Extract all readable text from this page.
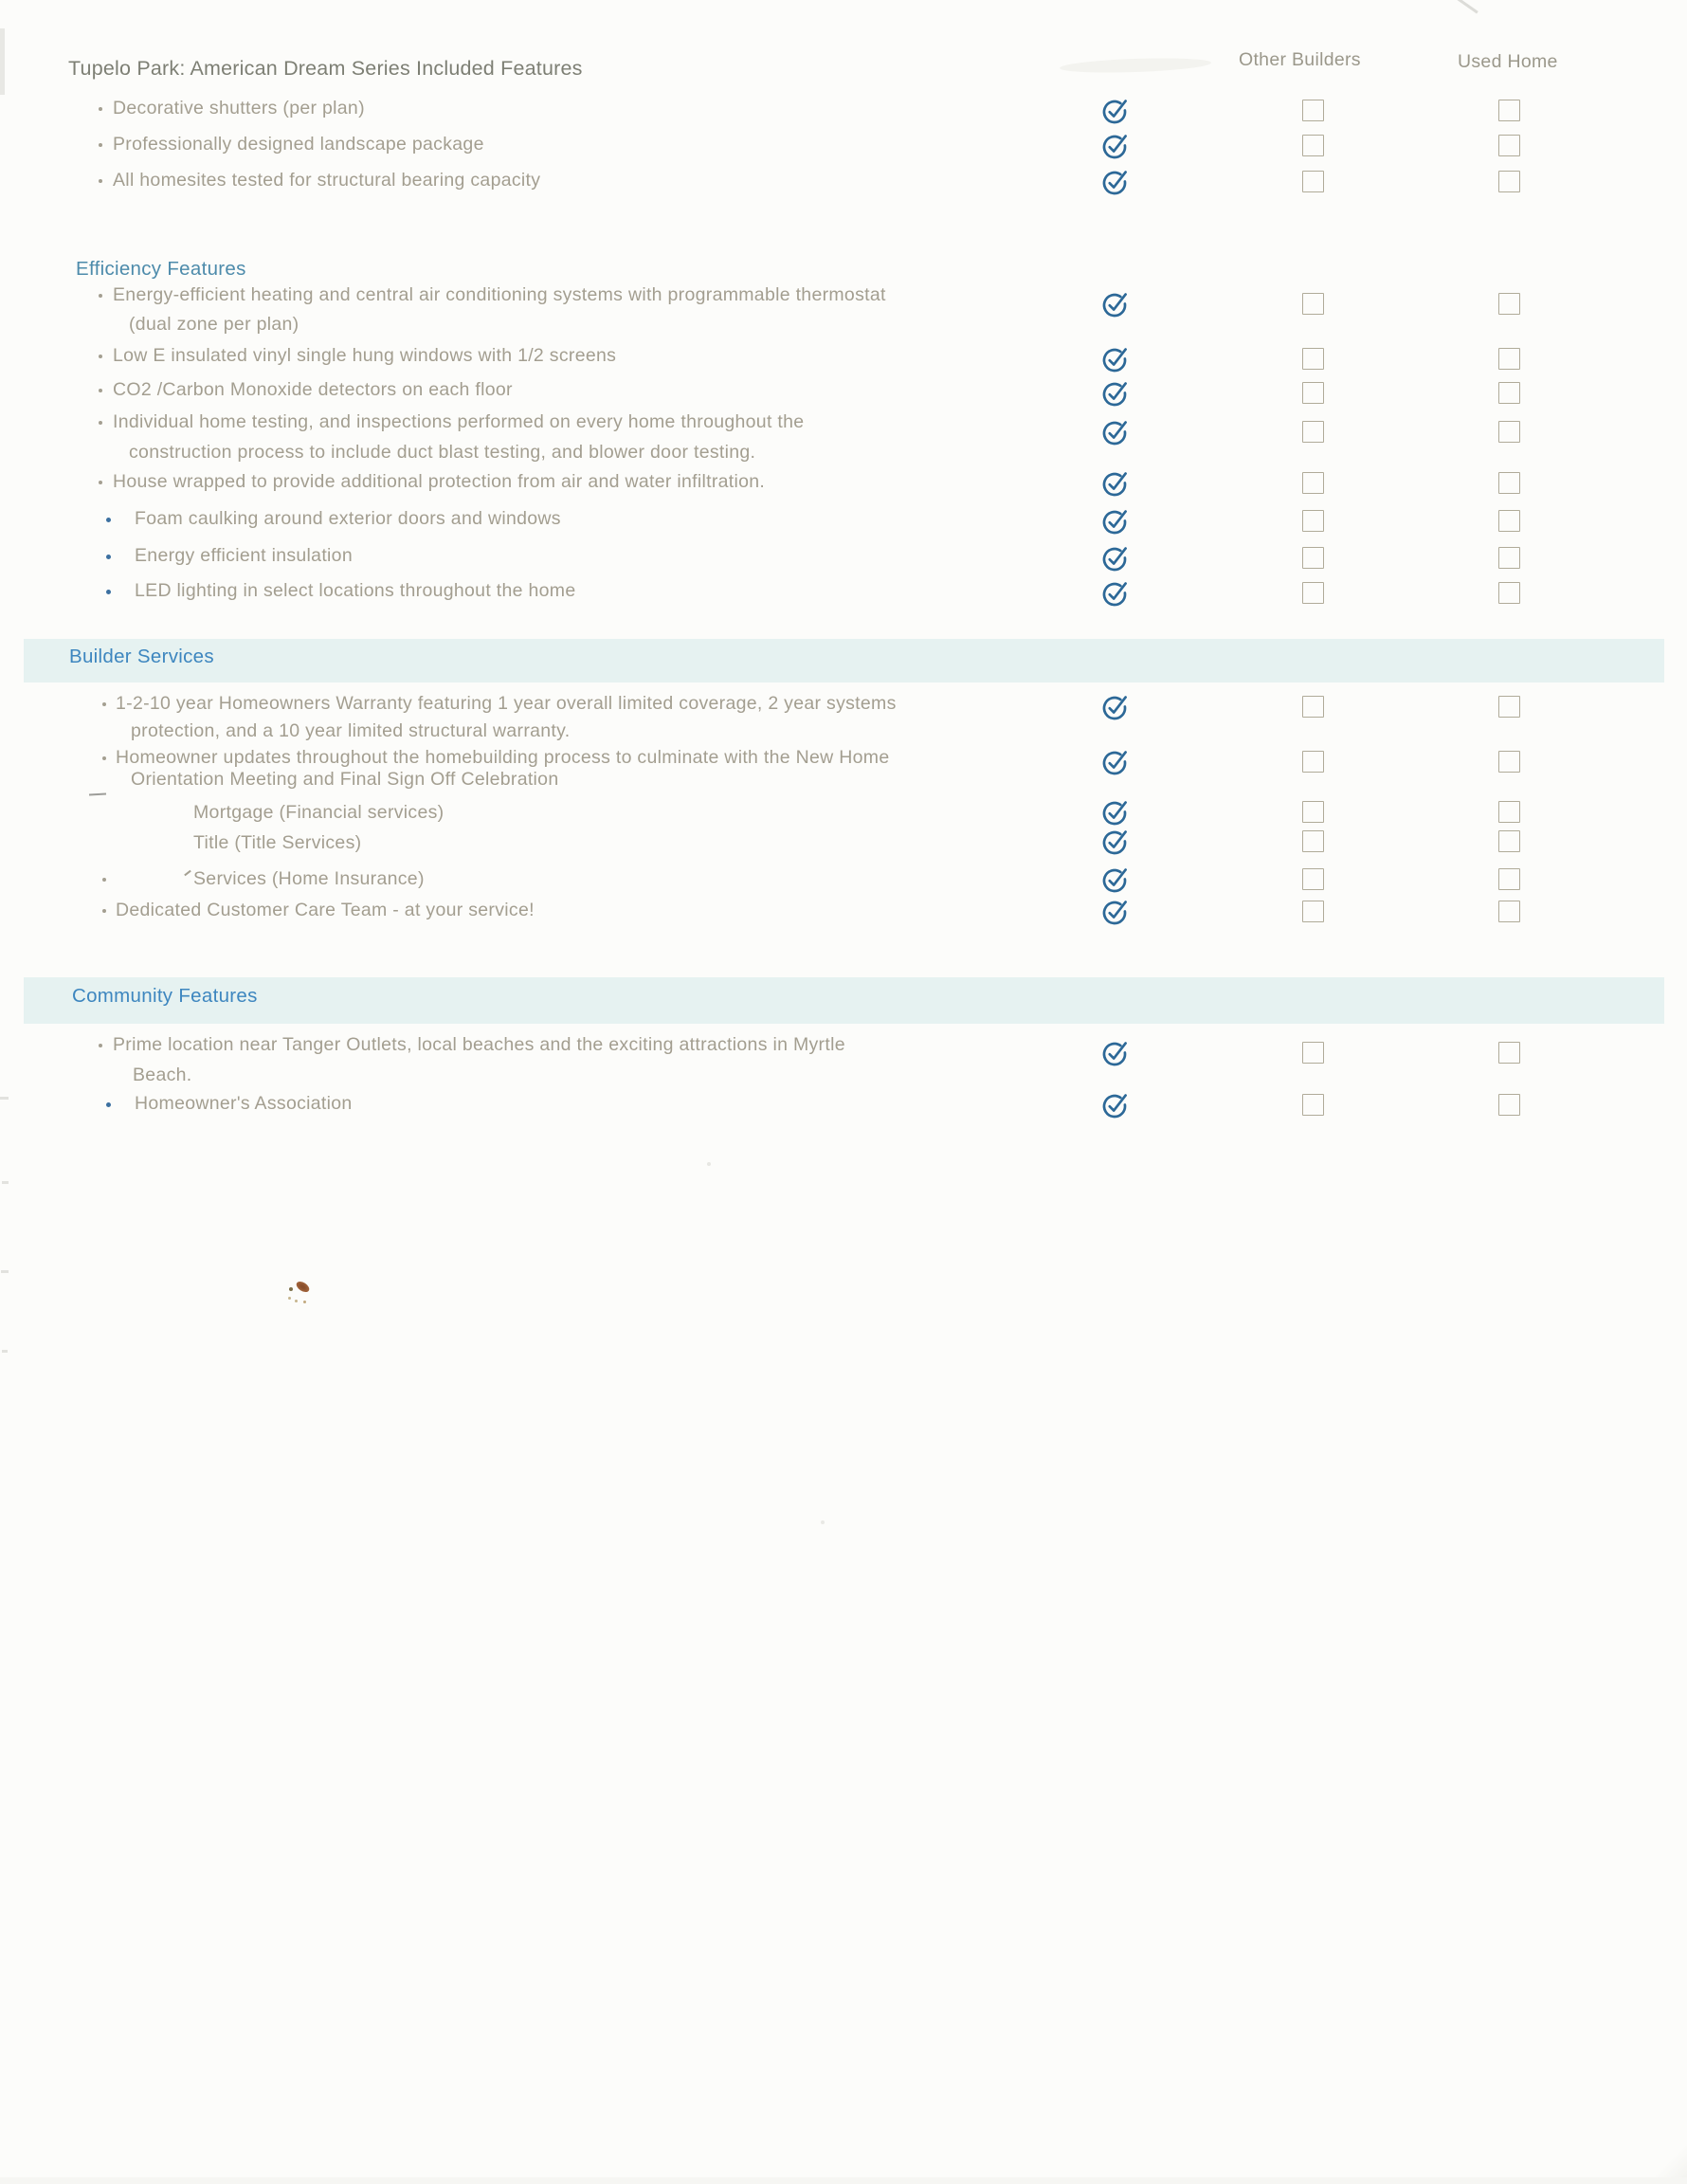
Tupelo Park: American Dream Series Included Features	Other Builders	Used Home
Decorative shutters (per plan)
Professionally designed landscape package
All homesites tested for structural bearing capacity
Efficiency Features
Energy-efficient heating and central air conditioning systems with programmable thermostat
(dual zone per plan)
Low E insulated vinyl single hung windows with 1/2 screens
CO2 /Carbon Monoxide detectors on each floor
Individual home testing, and inspections performed on every home throughout the
construction process to include duct blast testing, and blower door testing.
House wrapped to provide additional protection from air and water infiltration.
Foam caulking around exterior doors and windows
Energy efficient insulation
LED lighting in select locations throughout the home
Builder Services
1-2-10 year Homeowners Warranty featuring 1 year overall limited coverage, 2 year systems
protection, and a 10 year limited structural warranty.
Homeowner updates throughout the homebuilding process to culminate with the New Home
Orientation Meeting and Final Sign Off Celebration
Mortgage (Financial services)
Title (Title Services)
Services (Home Insurance)
Dedicated Customer Care Team - at your service!
Community Features
Prime location near Tanger Outlets, local beaches and the exciting attractions in Myrtle
Beach.
Homeowner's Association
